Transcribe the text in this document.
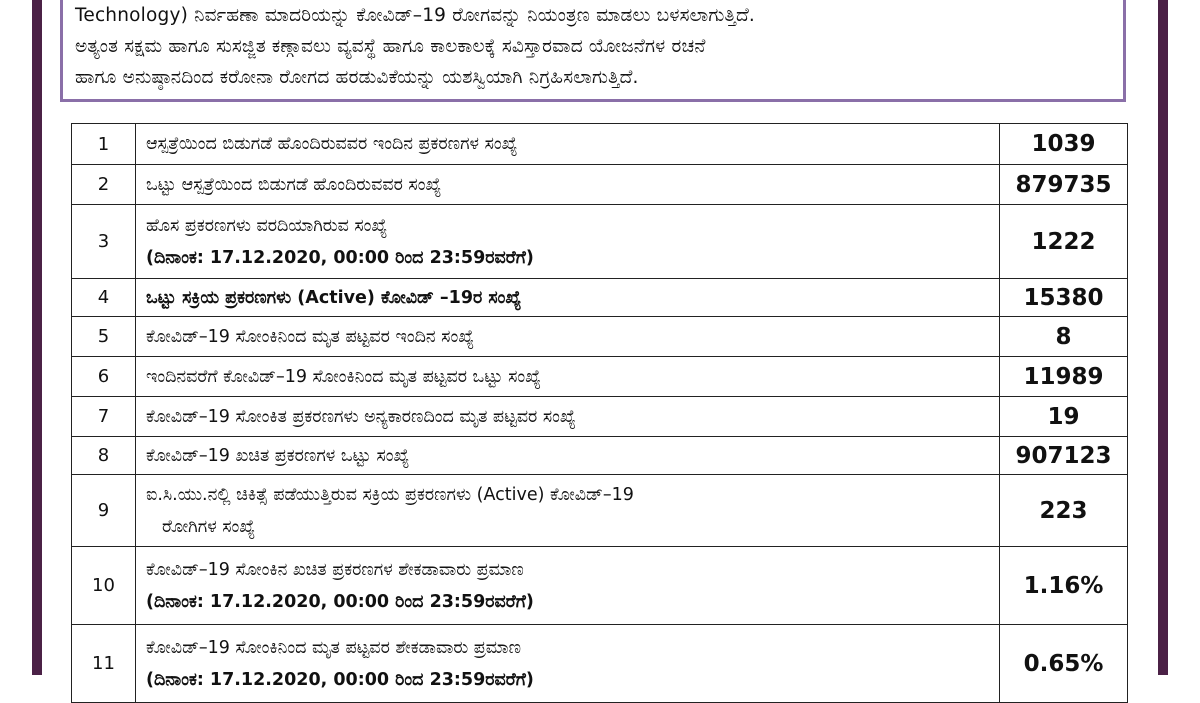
Technology) ನಿರ್ವಹಣಾ ಮಾದರಿಯನ್ನು ಕೋವಿಡ್–19 ರೋಗವನ್ನು ನಿಯಂತ್ರಣ ಮಾಡಲು ಬಳಸಲಾಗುತ್ತಿದೆ.
ಅತ್ಯಂತ ಸಕ್ಷಮ ಹಾಗೂ ಸುಸಜ್ಜಿತ ಕಣ್ಗಾವಲು ವ್ಯವಸ್ಥೆ ಹಾಗೂ ಕಾಲಕಾಲಕ್ಕೆ ಸವಿಸ್ತಾರವಾದ ಯೋಜನೆಗಳ ರಚನೆ
ಹಾಗೂ ಅನುಷ್ಠಾನದಿಂದ ಕರೋನಾ ರೋಗದ ಹರಡುವಿಕೆಯನ್ನು ಯಶಸ್ವಿಯಾಗಿ ನಿಗ್ರಹಿಸಲಾಗುತ್ತಿದೆ.
1	ಆಸ್ಪತ್ರೆಯಿಂದ ಬಿಡುಗಡೆ ಹೊಂದಿರುವವರ ಇಂದಿನ ಪ್ರಕರಣಗಳ ಸಂಖ್ಯೆ	1039
2	ಒಟ್ಟು ಆಸ್ಪತ್ರೆಯಿಂದ ಬಿಡುಗಡೆ ಹೊಂದಿರುವವರ ಸಂಖ್ಯೆ	879735
3	ಹೊಸ ಪ್ರಕರಣಗಳು ವರದಿಯಾಗಿರುವ ಸಂಖ್ಯೆ
(ದಿನಾಂಕ: 17.12.2020, 00:00 ರಿಂದ 23:59ರವರೆಗೆ)	1222
4	ಒಟ್ಟು ಸಕ್ರಿಯ ಪ್ರಕರಣಗಳು (Active) ಕೋವಿಡ್ –19ರ ಸಂಖ್ಯೆ	15380
5	ಕೋವಿಡ್–19 ಸೋಂಕಿನಿಂದ ಮೃತ ಪಟ್ಟವರ ಇಂದಿನ ಸಂಖ್ಯೆ	8
6	ಇಂದಿನವರೆಗೆ ಕೋವಿಡ್–19 ಸೋಂಕಿನಿಂದ ಮೃತ ಪಟ್ಟವರ ಒಟ್ಟು ಸಂಖ್ಯೆ	11989
7	ಕೋವಿಡ್–19 ಸೋಂಕಿತ ಪ್ರಕರಣಗಳು ಅನ್ಯಕಾರಣದಿಂದ ಮೃತ ಪಟ್ಟವರ ಸಂಖ್ಯೆ	19
8	ಕೋವಿಡ್–19 ಖಚಿತ ಪ್ರಕರಣಗಳ ಒಟ್ಟು ಸಂಖ್ಯೆ	907123
9	ಐ.ಸಿ.ಯು.ನಲ್ಲಿ ಚಿಕಿತ್ಸೆ ಪಡೆಯುತ್ತಿರುವ ಸಕ್ರಿಯ ಪ್ರಕರಣಗಳು (Active) ಕೋವಿಡ್–19
ರೋಗಿಗಳ ಸಂಖ್ಯೆ	223
10	ಕೋವಿಡ್–19 ಸೋಂಕಿನ ಖಚಿತ ಪ್ರಕರಣಗಳ ಶೇಕಡಾವಾರು ಪ್ರಮಾಣ
(ದಿನಾಂಕ: 17.12.2020, 00:00 ರಿಂದ 23:59ರವರೆಗೆ)	1.16%
11	ಕೋವಿಡ್–19 ಸೋಂಕಿನಿಂದ ಮೃತ ಪಟ್ಟವರ ಶೇಕಡಾವಾರು ಪ್ರಮಾಣ
(ದಿನಾಂಕ: 17.12.2020, 00:00 ರಿಂದ 23:59ರವರೆಗೆ)	0.65%
